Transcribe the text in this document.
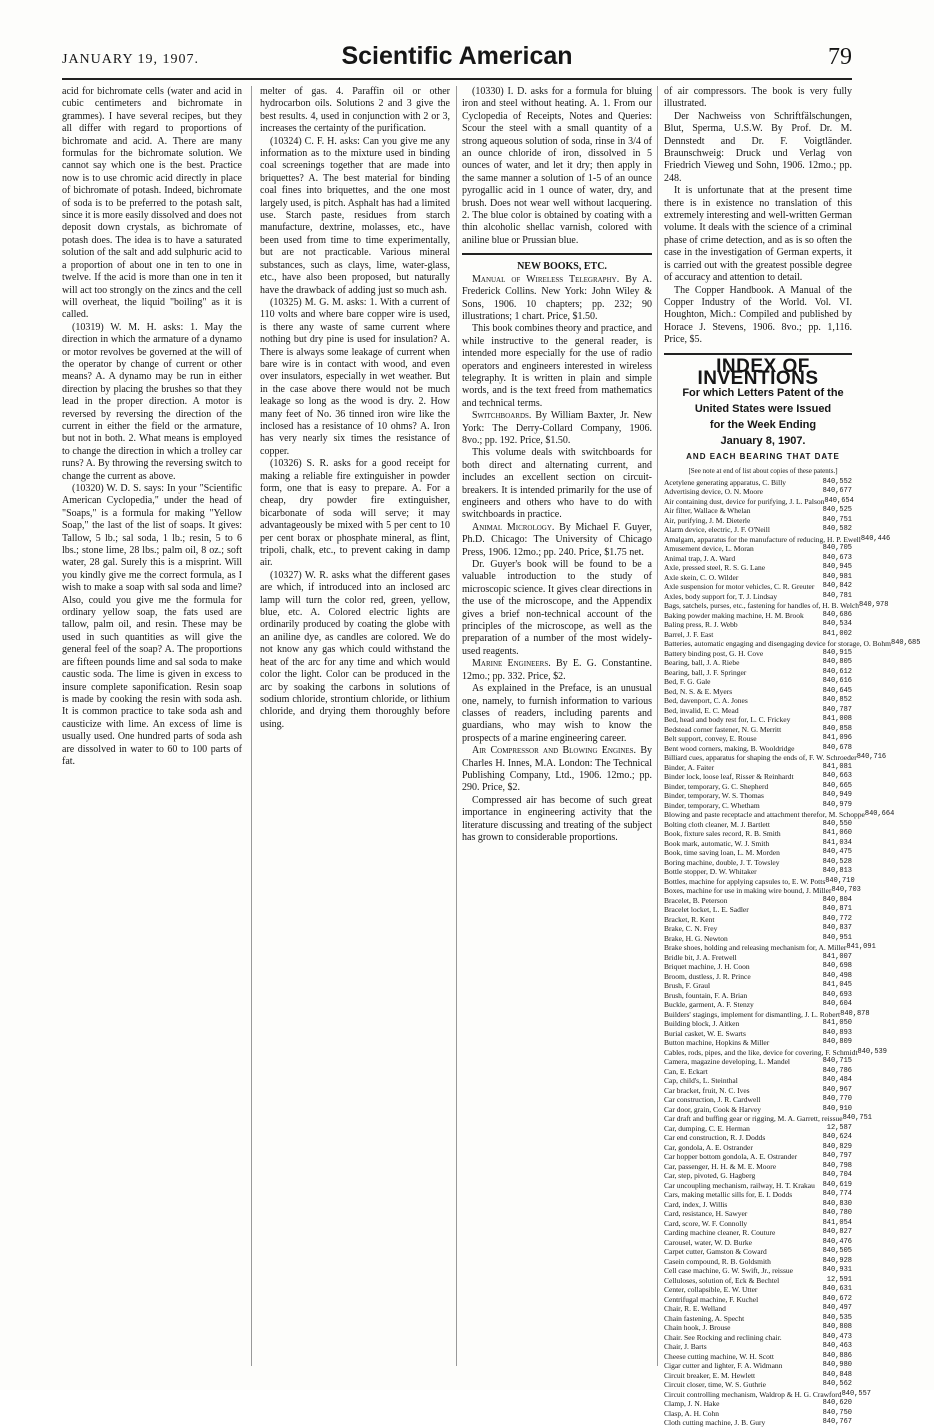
JANUARY 19, 1907.	Scientific American	79

acid for bichromate cells (water and acid in cubic centimeters and bichromate in grammes). I have several recipes, but they all differ with regard to proportions of bichromate and acid. A. There are many formulas for the bichromate solution. We cannot say which one is the best. Practice now is to use chromic acid directly in place of bichromate of potash. Indeed, bichromate of soda is to be preferred to the potash salt, since it is more easily dissolved and does not deposit down crystals, as bichromate of potash does. The idea is to have a saturated solution of the salt and add sulphuric acid to a proportion of about one in ten to one in twelve. If the acid is more than one in ten it will act too strongly on the zincs and the cell will overheat, the liquid "boiling" as it is called.

(10319) W. M. H. asks: 1. May the direction in which the armature of a dynamo or motor revolves be governed at the will of the operator by change of current or other means? A. A dynamo may be run in either direction by placing the brushes so that they lead in the proper direction. A motor is reversed by reversing the direction of the current in either the field or the armature, but not in both. 2. What means is employed to change the direction in which a trolley car runs? A. By throwing the reversing switch to change the current as above.

(10320) W. D. S. says: In your "Scientific American Cyclopedia," under the head of "Soaps," is a formula for making "Yellow Soap," the last of the list of soaps. It gives: Tallow, 5 lb.; sal soda, 1 lb.; resin, 5 to 6 lbs.; stone lime, 28 lbs.; palm oil, 8 oz.; soft water, 28 gal. Surely this is a misprint. Will you kindly give me the correct formula, as I wish to make a soap with sal soda and lime? Also, could you give me the formula for ordinary yellow soap, the fats used are tallow, palm oil, and resin. These may be used in such quantities as will give the general feel of the soap? A. The proportions are fifteen pounds lime and sal soda to make caustic soda. The lime is given in excess to insure complete saponification. Resin soap is made by cooking the resin with soda ash. It is common practice to take soda ash and causticize with lime. An excess of lime is usually used. One hundred parts of soda ash are dissolved in water to 60 to 100 parts of fat.

melter of gas. 4. Paraffin oil or other hydrocarbon oils. Solutions 2 and 3 give the best results. 4, used in conjunction with 2 or 3, increases the certainty of the purification.

(10324) C. F. H. asks: Can you give me any information as to the mixture used in binding coal screenings together that are made into briquettes? A. The best material for binding coal fines into briquettes, and the one most largely used, is pitch. Asphalt has had a limited use. Starch paste, residues from starch manufacture, dextrine, molasses, etc., have been used from time to time experimentally, but are not practicable. Various mineral substances, such as clays, lime, water-glass, etc., have also been proposed, but naturally have the drawback of adding just so much ash.

(10325) M. G. M. asks: 1. With a current of 110 volts and where bare copper wire is used, is there any waste of same current where nothing but dry pine is used for insulation? A. There is always some leakage of current when bare wire is in contact with wood, and even over insulators, especially in wet weather. But in the case above there would not be much leakage so long as the wood is dry. 2. How many feet of No. 36 tinned iron wire like the inclosed has a resistance of 10 ohms? A. Iron has very nearly six times the resistance of copper.

(10326) S. R. asks for a good receipt for making a reliable fire extinguisher in powder form, one that is easy to prepare. A. For a cheap, dry powder fire extinguisher, bicarbonate of soda will serve; it may advantageously be mixed with 5 per cent to 10 per cent borax or phosphate mineral, as flint, tripoli, chalk, etc., to prevent caking in damp air.

(10327) W. R. asks what the different gases are which, if introduced into an inclosed arc lamp will turn the color red, green, yellow, blue, etc. A. Colored electric lights are ordinarily produced by coating the globe with an aniline dye, as candles are colored. We do not know any gas which could withstand the heat of the arc for any time and which would color the light. Color can be produced in the arc by soaking the carbons in solutions of sodium chloride, strontium chloride, or lithium chloride, and drying them thoroughly before using.

(10330) I. D. asks for a formula for bluing iron and steel without heating. A. 1. From our Cyclopedia of Receipts, Notes and Queries: Scour the steel with a small quantity of a strong aqueous solution of soda, rinse in 3/4 of an ounce chloride of iron, dissolved in 5 ounces of water, and let it dry; then apply in the same manner a solution of 1-5 of an ounce pyrogallic acid in 1 ounce of water, dry, and brush. Does not wear well without lacquering. 2. The blue color is obtained by coating with a thin alcoholic shellac varnish, colored with aniline blue or Prussian blue.

NEW BOOKS, ETC.

Manual of Wireless Telegraphy. By A. Frederick Collins. New York: John Wiley & Sons, 1906. 10 chapters; pp. 232; 90 illustrations; 1 chart. Price, $1.50.

This book combines theory and practice, and while instructive to the general reader, is intended more especially for the use of radio operators and engineers interested in wireless telegraphy. It is written in plain and simple words, and is the text freed from mathematics and technical terms.

Switchboards. By William Baxter, Jr. New York: The Derry-Collard Company, 1906. 8vo.; pp. 192. Price, $1.50.

This volume deals with switchboards for both direct and alternating current, and includes an excellent section on circuit-breakers. It is intended primarily for the use of engineers and others who have to do with switchboards in practice.

Animal Micrology. By Michael F. Guyer, Ph.D. Chicago: The University of Chicago Press, 1906. 12mo.; pp. 240. Price, $1.75 net.

Dr. Guyer's book will be found to be a valuable introduction to the study of microscopic science. It gives clear directions in the use of the microscope, and the Appendix gives a brief non-technical account of the principles of the microscope, as well as the preparation of a number of the most widely-used reagents.

Marine Engineers. By E. G. Constantine. 12mo.; pp. 332. Price, $2.

As explained in the Preface, is an unusual one, namely, to furnish information to various classes of readers, including parents and guardians, who may wish to know the prospects of a marine engineering career.

Air Compressor and Blowing Engines. By Charles H. Innes, M.A. London: The Technical Publishing Company, Ltd., 1906. 12mo.; pp. 290. Price, $2.

Compressed air has become of such great importance in engineering activity that the literature discussing and treating of the subject has grown to considerable proportions.

of air compressors. The book is very fully illustrated.

Der Nachweiss von Schriftfälschungen, Blut, Sperma, U.S.W. By Prof. Dr. M. Dennstedt and Dr. F. Voigtländer. Braunschweig: Druck und Verlag von Friedrich Vieweg und Sohn, 1906. 12mo.; pp. 248.

It is unfortunate that at the present time there is in existence no translation of this extremely interesting and well-written German volume. It deals with the science of a criminal phase of crime detection, and as is so often the case in the investigation of German experts, it is carried out with the greatest possible degree of accuracy and attention to detail.

The Copper Handbook. A Manual of the Copper Industry of the World. Vol. VI. Houghton, Mich.: Compiled and published by Horace J. Stevens, 1906. 8vo.; pp. 1,116. Price, $5.

INDEX OF INVENTIONS

For which Letters Patent of the

United States were Issued

for the Week Ending

January 8, 1907.

AND EACH BEARING THAT DATE

[See note at end of list about copies of these patents.]

Acetylene generating apparatus, C. Billy	840,552
Advertising device, O. N. Moore	840,677
Air containing dust, device for purifying, J. L. Palson 840,654
Air filter, Wallace & Whelan	840,525
Air, purifying, J. M. Dieterle	840,751
Alarm device, electric, J. F. O'Neill	840,582
Amalgam, apparatus for the manufacture of reducing, H. P. Ewell 840,446
Amusement device, L. Moran	840,705
Animal trap, J. A. Ward	840,673
Axle, pressed steel, R. S. G. Lane	840,945
Axle skein, C. O. Wilder	840,981
Axle suspension for motor vehicles, C. R. Greuter	840,842
Axles, body support for, T. J. Lindsay	840,781
Bags, satchels, purses, etc., fastening for handles of, H. B. Welch 840,978
Baking powder making machine, H. M. Brook	840,686
Baling press, R. J. Webb	840,534
Barrel, J. F. East	841,002
Batteries, automatic engaging and disengaging device for storage, O. Bohm 840,685
Battery binding post, G. H. Cove	840,915
Bearing, ball, J. A. Riebe	840,805
Bearing, ball, J. F. Springer	840,612
Bed, F. G. Gale	840,616
Bed, N. S. & E. Myers	840,645
Bed, davenport, C. A. Jones	840,852
Bed, invalid, E. C. Mead	840,787
Bed, head and body rest for, L. C. Frickey	841,008
Bedstead corner fastener, N. G. Merritt	840,858
Belt support, convey, E. Rouse	841,096
Bent wood corners, making, B. Wooldridge	840,678
Billiard cues, apparatus for shaping the ends of, F. W. Schroeder 840,716
Binder, A. Faiter	841,081
Binder lock, loose leaf, Risser & Reinhardt	840,663
Binder, temporary, G. C. Shepherd	840,665
Binder, temporary, W. S. Thomas	840,949
Binder, temporary, C. Whetham	840,979
Blowing and paste receptacle and attachment therefor, M. Schoppe 840,664
Bolting cloth cleaner, M. J. Bartlett	840,550
Book, fixture sales record, R. B. Smith	841,060
Book mark, automatic, W. J. Smith	841,034
Book, time saving loan, L. M. Morden	840,475
Boring machine, double, J. T. Towsley	840,528
Bottle stopper, D. W. Whitaker	840,813
Bottles, machine for applying capsules to, E. W. Potts 840,710
Boxes, machine for use in making wire bound, J. Miller 840,703
Bracelet, B. Peterson	840,804
Bracelet locket, L. E. Sadler	840,871
Bracket, R. Kent	840,772
Brake, C. N. Frey	840,837
Brake, H. G. Newton	840,951
Brake shoes, holding and releasing mechanism for, A. Miller 841,091
Bridle bit, J. A. Fretwell	841,007
Briquet machine, J. H. Coon	840,698
Broom, dustless, J. R. Prince	840,498
Brush, F. Graul	841,045
Brush, fountain, F. A. Brian	840,693
Buckle, garment, A. F. Stenzy	840,604
Builders' stagings, implement for dismantling, J. L. Robert 840,878
Building block, J. Aitken	841,050
Burial casket, W. E. Swarts	840,893
Button machine, Hopkins & Miller	840,809
Cables, rods, pipes, and the like, device for covering, F. Schmidt 840,539
Camera, magazine developing, L. Mandel	840,715
Can, E. Eckart	840,786
Cap, child's, L. Steinthal	840,484
Car bracket, fruit, N. C. Ives	840,967
Car construction, J. R. Cardwell	840,770
Car door, grain, Cook & Harvey	840,910
Car draft and buffing gear or rigging, M. A. Garrett, reissue 840,751
Car, dumping, C. E. Herman	12,587
Car end construction, R. J. Dodds	840,624
Car, gondola, A. E. Ostrander	840,829
Car hopper bottom gondola, A. E. Ostrander	840,797
Car, passenger, H. H. & M. E. Moore	840,798
Car, step, pivoted, G. Hagberg	840,704
Car uncoupling mechanism, railway, H. T. Krakau	840,619
Cars, making metallic sills for, E. I. Dodds	840,774
Card, index, J. Willis	840,830
Card, resistance, H. Sawyer	840,780
Card, score, W. F. Connolly	841,054
Carding machine cleaner, R. Couture	840,827
Carousel, water, W. D. Burke	840,476
Carpet cutter, Gamston & Coward	840,505
Casein compound, R. B. Goldsmith	840,928
Cell case machine, G. W. Swift, Jr., reissue	840,931
Celluloses, solution of, Eck & Bechtel	12,591
Center, collapsible, E. W. Utter	840,631
Centrifugal machine, F. Kuchel	840,672
Chair, R. E. Welland	840,497
Chain fastening, A. Specht	840,535
Chain hook, J. Brouse	840,808
Chair. See Rocking and reclining chair.	840,473
Chair, J. Barts	840,463
Cheese cutting machine, W. H. Scott	840,886
Cigar cutter and lighter, F. A. Widmann	840,980
Circuit breaker, E. M. Hewlett	840,848
Circuit closer, time, W. S. Guthrie	840,562
Circuit controlling mechanism, Waldrop & H. G. Crawford 840,557
Clamp, J. N. Hake	840,620
Clasp, A. H. Cohn	840,750
Cloth cutting machine, J. B. Gury	840,767
